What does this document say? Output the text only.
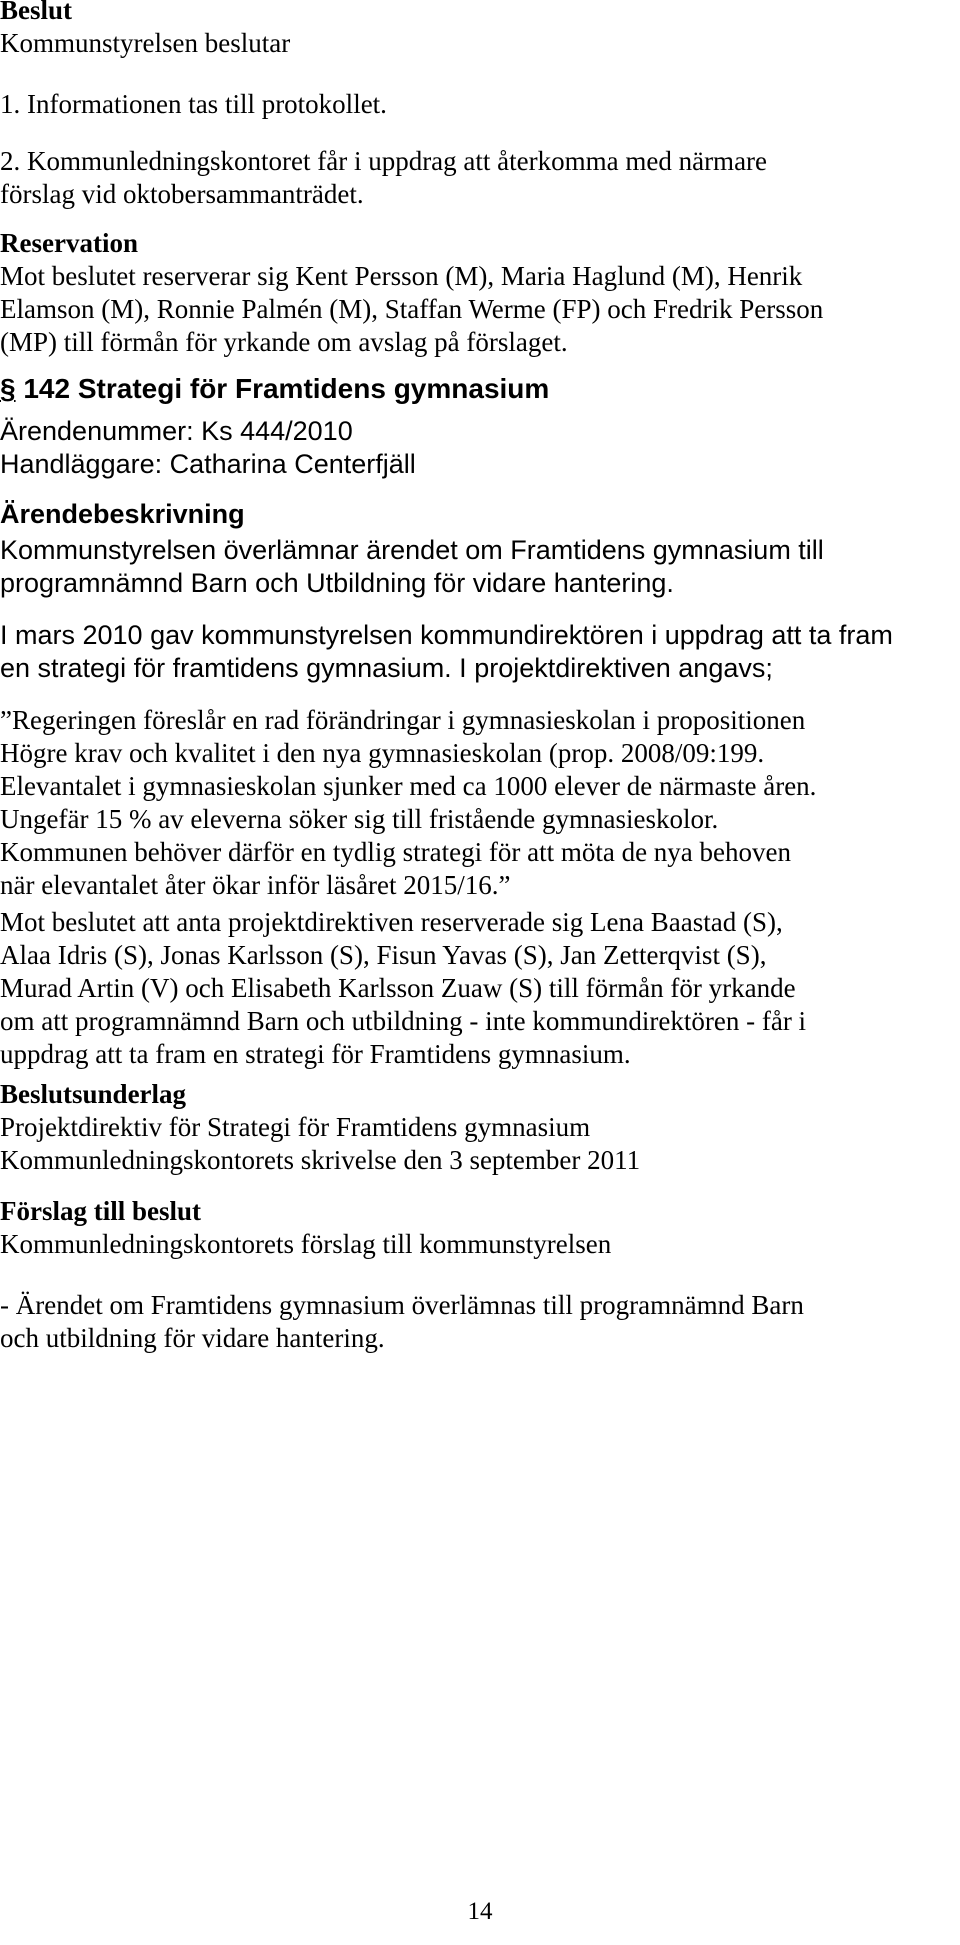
Beslut
Kommunstyrelsen beslutar
1. Informationen tas till protokollet.
2. Kommunledningskontoret får i uppdrag att återkomma med närmare
förslag vid oktobersammanträdet.
Reservation
Mot beslutet reserverar sig Kent Persson (M), Maria Haglund (M), Henrik
Elamson (M), Ronnie Palmén (M), Staffan Werme (FP) och Fredrik Persson
(MP) till förmån för yrkande om avslag på förslaget.
§ 142 Strategi för Framtidens gymnasium
Ärendenummer: Ks 444/2010
Handläggare: Catharina Centerfjäll
Ärendebeskrivning
Kommunstyrelsen överlämnar ärendet om Framtidens gymnasium till
programnämnd Barn och Utbildning för vidare hantering.
I mars 2010 gav kommunstyrelsen kommundirektören i uppdrag att ta fram
en strategi för framtidens gymnasium. I projektdirektiven angavs;
”Regeringen föreslår en rad förändringar i gymnasieskolan i propositionen
Högre krav och kvalitet i den nya gymnasieskolan (prop. 2008/09:199.
Elevantalet i gymnasieskolan sjunker med ca 1000 elever de närmaste åren.
Ungefär 15 % av eleverna söker sig till fristående gymnasieskolor.
Kommunen behöver därför en tydlig strategi för att möta de nya behoven
när elevantalet åter ökar inför läsåret 2015/16.”
Mot beslutet att anta projektdirektiven reserverade sig Lena Baastad (S),
Alaa Idris (S), Jonas Karlsson (S), Fisun Yavas (S), Jan Zetterqvist (S),
Murad Artin (V) och Elisabeth Karlsson Zuaw (S) till förmån för yrkande
om att programnämnd Barn och utbildning - inte kommundirektören - får i
uppdrag att ta fram en strategi för Framtidens gymnasium.
Beslutsunderlag
Projektdirektiv för Strategi för Framtidens gymnasium
Kommunledningskontorets skrivelse den 3 september 2011
Förslag till beslut
Kommunledningskontorets förslag till kommunstyrelsen
- Ärendet om Framtidens gymnasium överlämnas till programnämnd Barn
och utbildning för vidare hantering.
14
